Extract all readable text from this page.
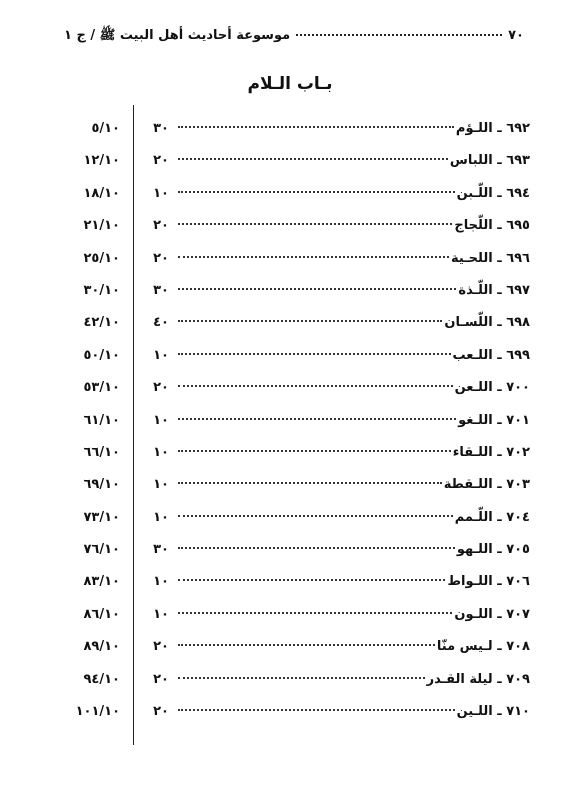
٧٠
موسوعة أحاديث أهل البيت ﷺ / ج ١
بـاب الـلام
٦٩٢ ـ اللـؤم
٣٠
٥/١٠
٦٩٣ ـ اللباس
٢٠
١٢/١٠
٦٩٤ ـ اللّـبن
١٠
١٨/١٠
٦٩٥ ـ اللّجاج
٢٠
٢١/١٠
٦٩٦ ـ اللحـية
٢٠
٢٥/١٠
٦٩٧ ـ اللّـذة
٣٠
٣٠/١٠
٦٩٨ ـ اللّسـان
٤٠
٤٢/١٠
٦٩٩ ـ اللـعب
١٠
٥٠/١٠
٧٠٠ ـ اللـعن
٢٠
٥٣/١٠
٧٠١ ـ اللـغو
١٠
٦١/١٠
٧٠٢ ـ اللـقاء
١٠
٦٦/١٠
٧٠٣ ـ اللـقطة
١٠
٦٩/١٠
٧٠٤ ـ اللّـمم
١٠
٧٣/١٠
٧٠٥ ـ اللـهو
٣٠
٧٦/١٠
٧٠٦ ـ اللـواط
١٠
٨٣/١٠
٧٠٧ ـ اللـون
١٠
٨٦/١٠
٧٠٨ ـ لـيس منّا
٢٠
٨٩/١٠
٧٠٩ ـ ليلة القـدر
٢٠
٩٤/١٠
٧١٠ ـ اللـين
٢٠
١٠١/١٠
